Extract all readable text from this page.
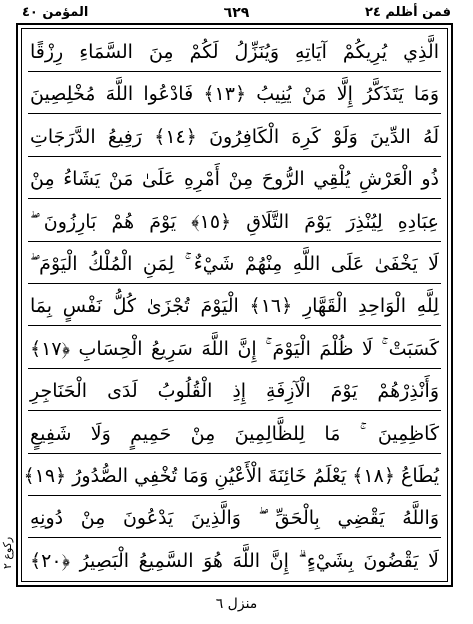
المؤمن ٤٠	٦٢٩	فمن أظلم ٢٤
الَّذِي يُرِيكُمْ آيَاتِهِ وَيُنَزِّلُ لَكُمْ مِنَ السَّمَاءِ رِزْقًا
وَمَا يَتَذَكَّرُ إِلَّا مَنْ يُنِيبُ ﴿١٣﴾ فَادْعُوا اللَّهَ مُخْلِصِينَ
لَهُ الدِّينَ وَلَوْ كَرِهَ الْكَافِرُونَ ﴿١٤﴾ رَفِيعُ الدَّرَجَاتِ
ذُو الْعَرْشِ يُلْقِي الرُّوحَ مِنْ أَمْرِهِ عَلَىٰ مَنْ يَشَاءُ مِنْ
عِبَادِهِ لِيُنْذِرَ يَوْمَ التَّلَاقِ ﴿١٥﴾ يَوْمَ هُمْ بَارِزُونَ ۖ
لَا يَخْفَىٰ عَلَى اللَّهِ مِنْهُمْ شَيْءٌ ۚ لِمَنِ الْمُلْكُ الْيَوْمَ ۖ
لِلَّهِ الْوَاحِدِ الْقَهَّارِ ﴿١٦﴾ الْيَوْمَ تُجْزَىٰ كُلُّ نَفْسٍ بِمَا
كَسَبَتْ ۚ لَا ظُلْمَ الْيَوْمَ ۚ إِنَّ اللَّهَ سَرِيعُ الْحِسَابِ ﴿١٧﴾
وَأَنْذِرْهُمْ يَوْمَ الْآزِفَةِ إِذِ الْقُلُوبُ لَدَى الْحَنَاجِرِ
كَاظِمِينَ ۚ مَا لِلظَّالِمِينَ مِنْ حَمِيمٍ وَلَا شَفِيعٍ
يُطَاعُ ﴿١٨﴾ يَعْلَمُ خَائِنَةَ الْأَعْيُنِ وَمَا تُخْفِي الصُّدُورُ ﴿١٩﴾
وَاللَّهُ يَقْضِي بِالْحَقِّ ۖ وَالَّذِينَ يَدْعُونَ مِنْ دُونِهِ
لَا يَقْضُونَ بِشَيْءٍ ۗ إِنَّ اللَّهَ هُوَ السَّمِيعُ الْبَصِيرُ ﴿٢٠﴾
رکوع ٢
منزل ٦
